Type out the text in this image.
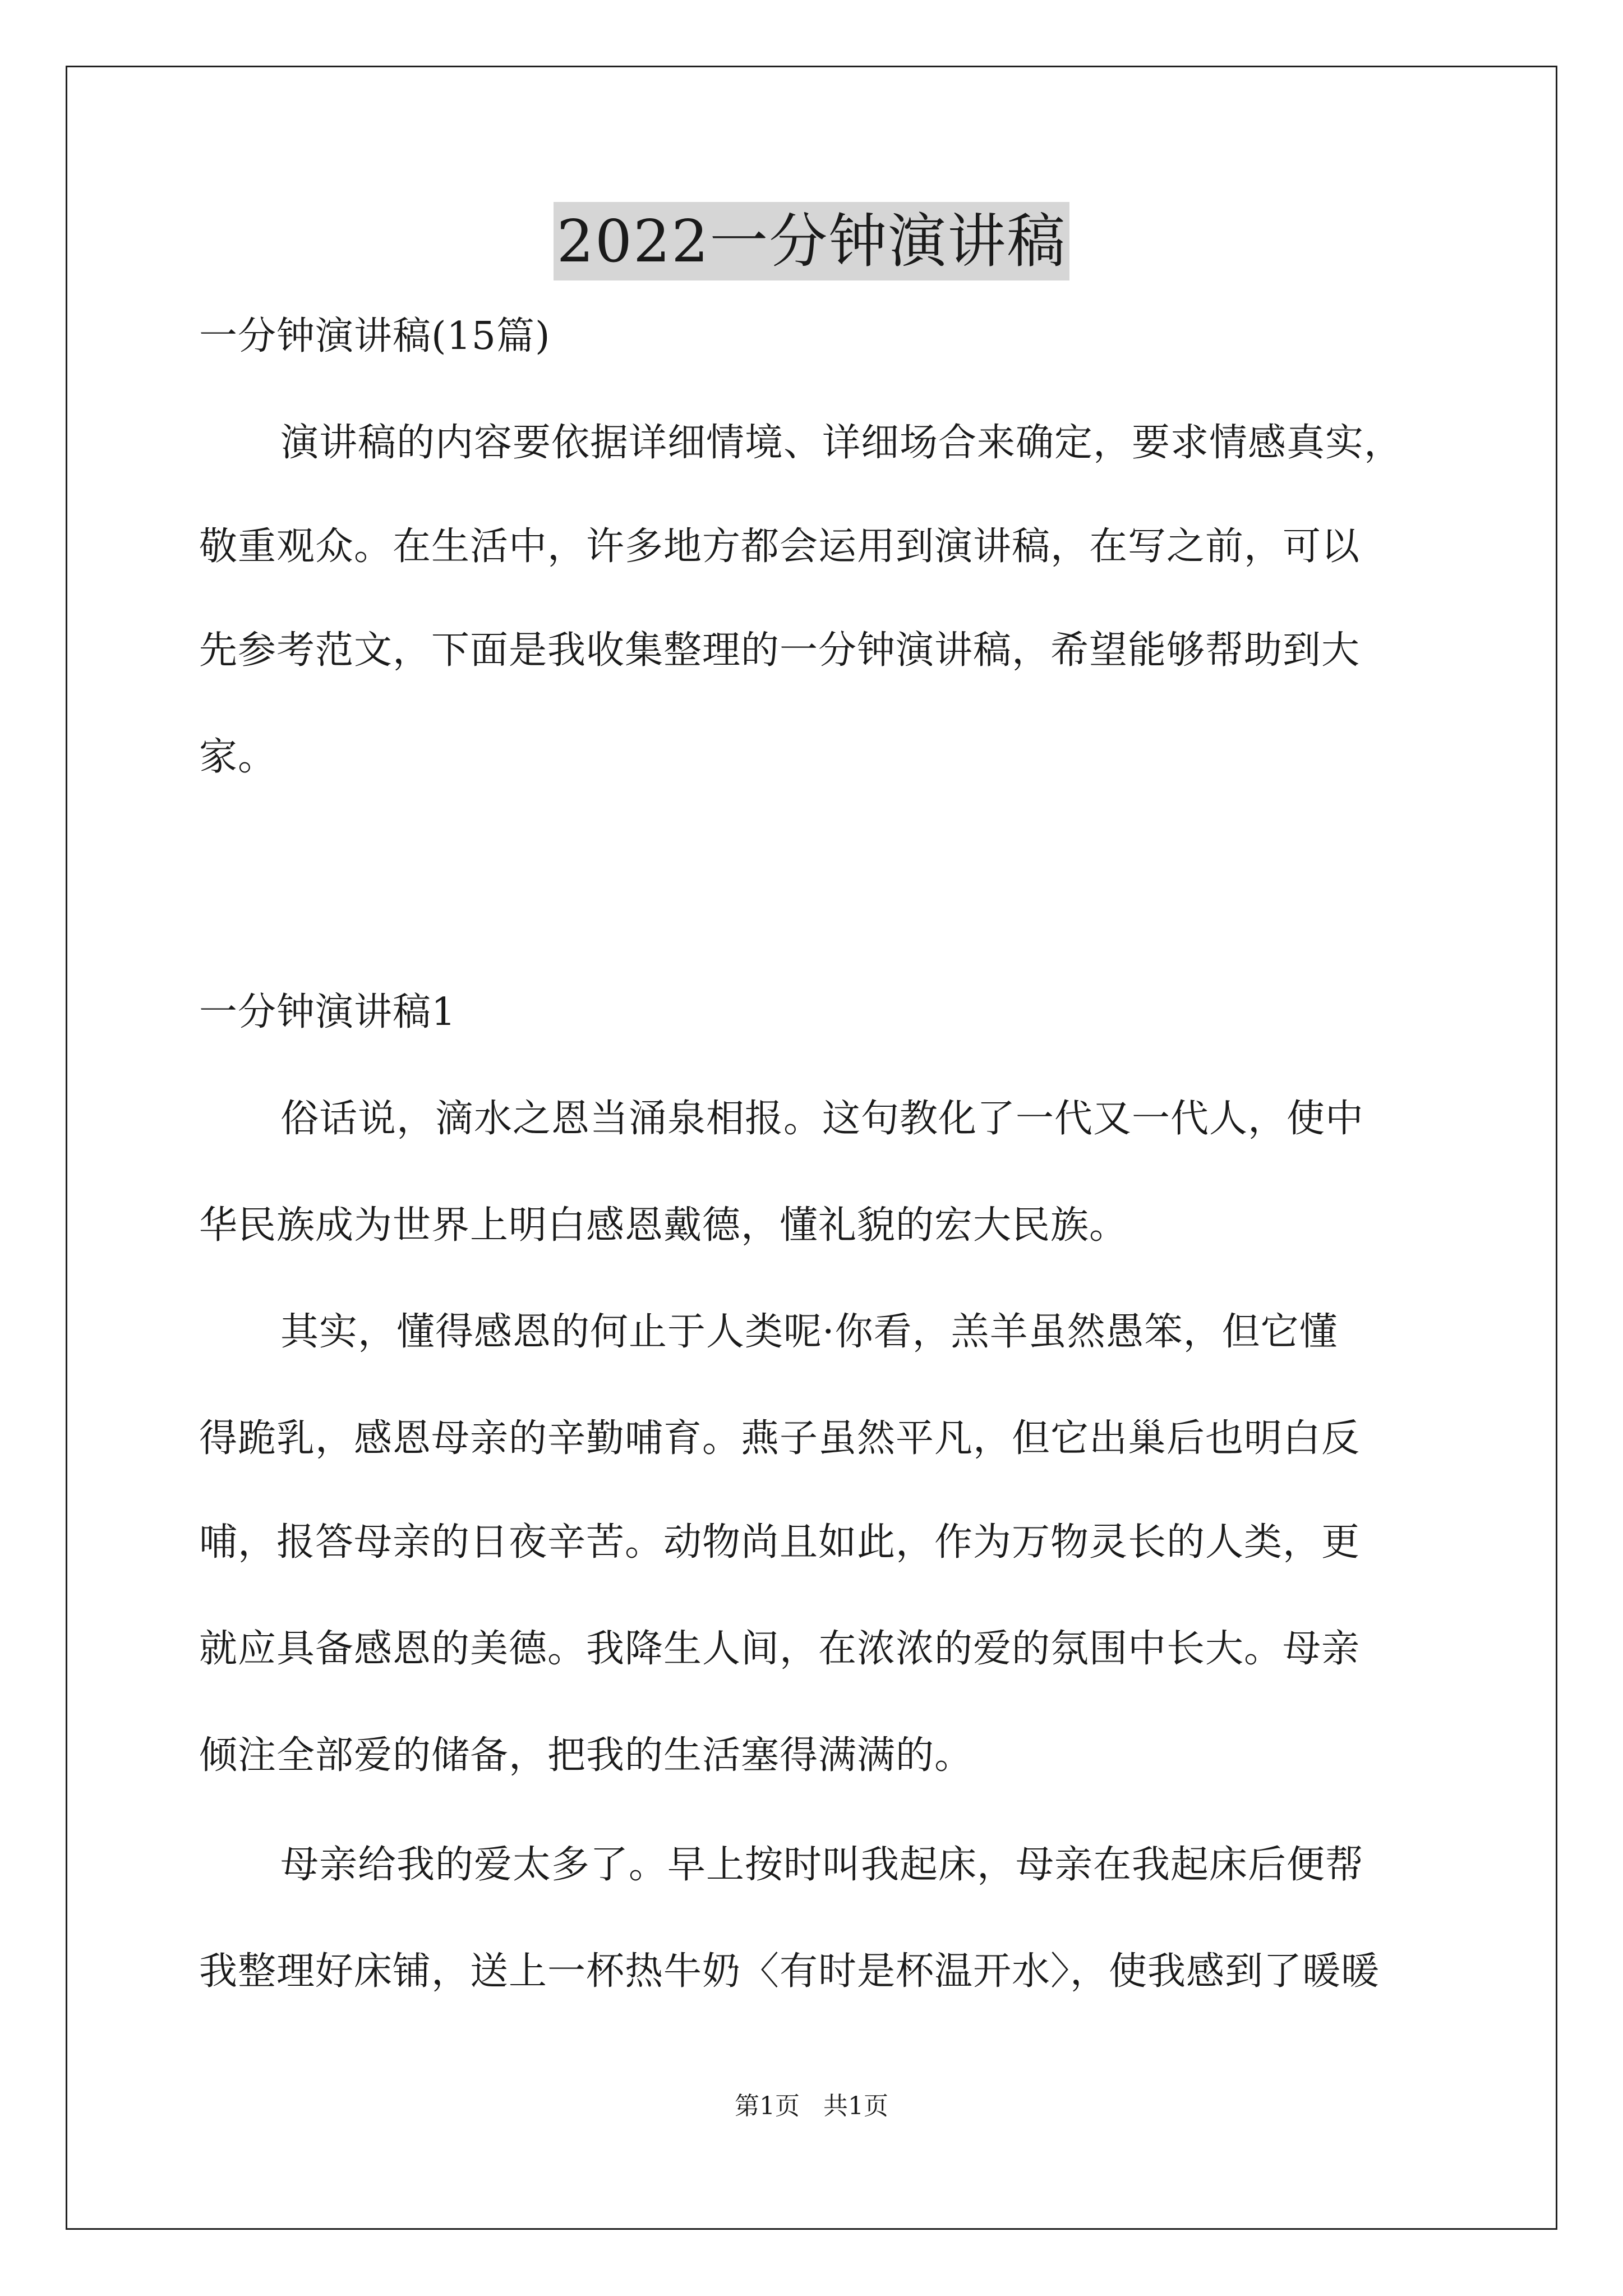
2022一分钟演讲稿
一分钟演讲稿(15篇)
演讲稿的内容要依据详细情境、详细场合来确定，要求情感真实，
敬重观众。在生活中，许多地方都会运用到演讲稿，在写之前，可以
先参考范文，下面是我收集整理的一分钟演讲稿，希望能够帮助到大
家。
一分钟演讲稿1
俗话说，滴水之恩当涌泉相报。这句教化了一代又一代人，使中
华民族成为世界上明白感恩戴德，懂礼貌的宏大民族。
其实，懂得感恩的何止于人类呢·你看，羔羊虽然愚笨，但它懂
得跪乳，感恩母亲的辛勤哺育。燕子虽然平凡，但它出巢后也明白反
哺，报答母亲的日夜辛苦。动物尚且如此，作为万物灵长的人类，更
就应具备感恩的美德。我降生人间，在浓浓的爱的氛围中长大。母亲
倾注全部爱的储备，把我的生活塞得满满的。
母亲给我的爱太多了。早上按时叫我起床，母亲在我起床后便帮
我整理好床铺，送上一杯热牛奶〈有时是杯温开水〉，使我感到了暖暖
第1页   共1页
